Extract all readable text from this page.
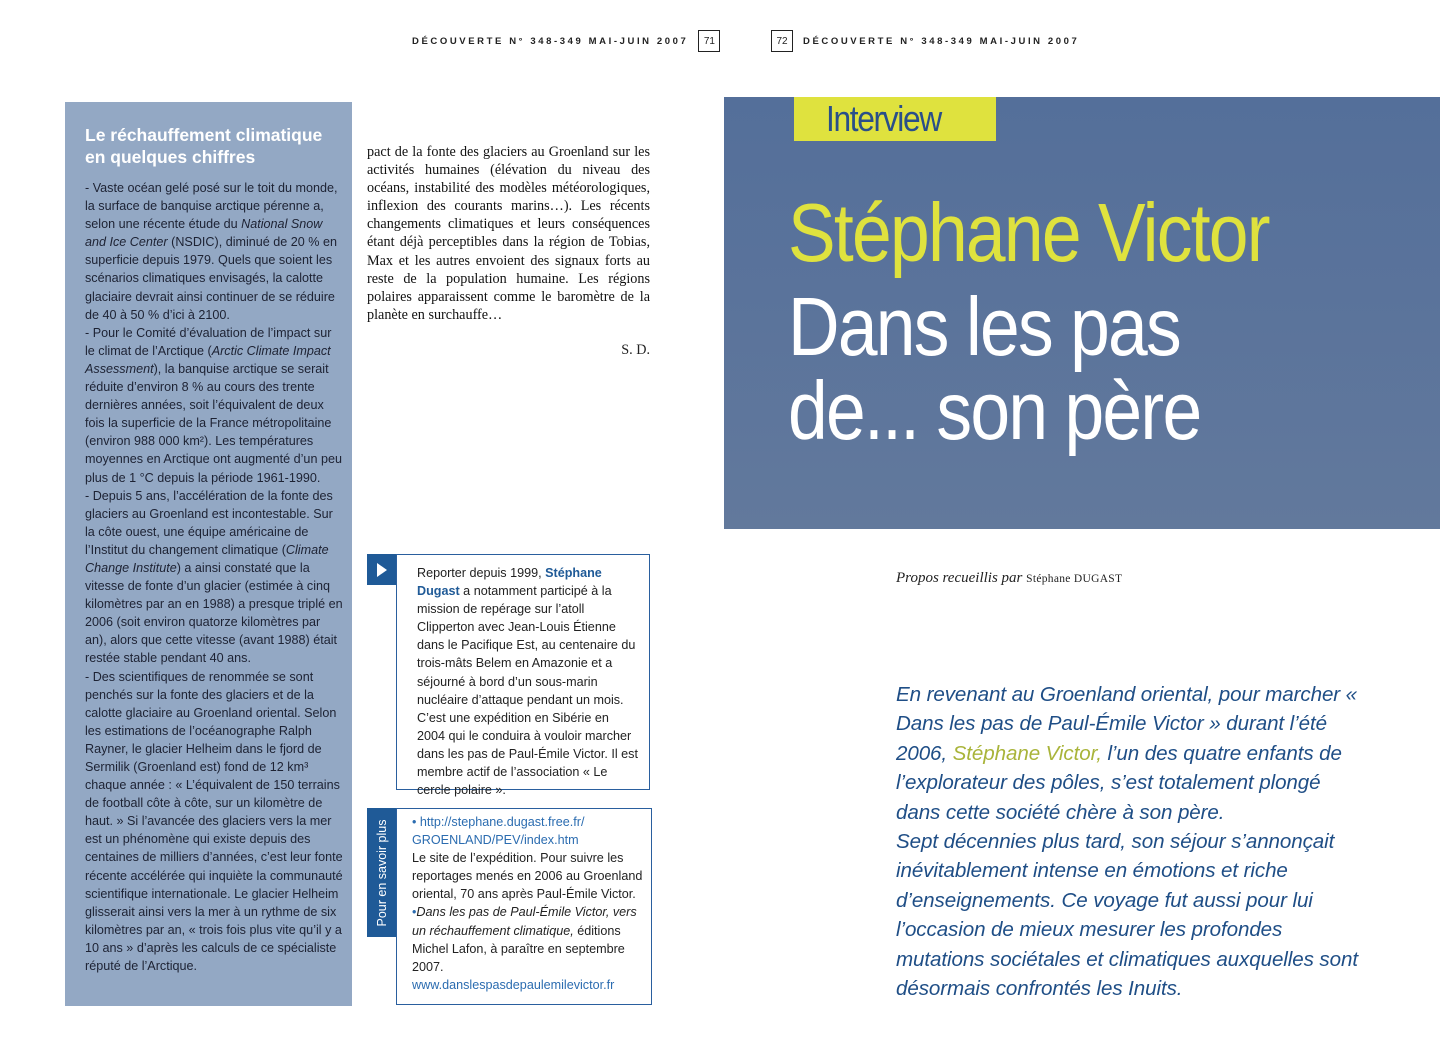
DÉCOUVERTE N° 348-349 MAI-JUIN 2007	71	72	DÉCOUVERTE N° 348-349 MAI-JUIN 2007
Le réchauffement climatique en quelques chiffres

- Vaste océan gelé posé sur le toit du monde, la surface de banquise arctique pérenne a, selon une récente étude du National Snow and Ice Center (NSDIC), diminué de 20 % en superficie depuis 1979. Quels que soient les scénarios climatiques envisagés, la calotte glaciaire devrait ainsi continuer de se réduire de 40 à 50 % d’ici à 2100.

- Pour le Comité d’évaluation de l’impact sur le climat de l’Arctique (Arctic Climate Impact Assessment), la banquise arctique se serait réduite d’environ 8 % au cours des trente dernières années, soit l’équivalent de deux fois la superficie de la France métropolitaine (environ 988 000 km²). Les températures moyennes en Arctique ont augmenté d’un peu plus de 1 °C depuis la période 1961-1990.

- Depuis 5 ans, l’accélération de la fonte des glaciers au Groenland est incontestable. Sur la côte ouest, une équipe américaine de l’Institut du changement climatique (Climate Change Institute) a ainsi constaté que la vitesse de fonte d’un glacier (estimée à cinq kilomètres par an en 1988) a presque triplé en 2006 (soit environ quatorze kilomètres par an), alors que cette vitesse (avant 1988) était restée stable pendant 40 ans.

- Des scientifiques de renommée se sont penchés sur la fonte des glaciers et de la calotte glaciaire au Groenland oriental. Selon les estimations de l’océanographe Ralph Rayner, le glacier Helheim dans le fjord de Sermilik (Groenland est) fond de 12 km³ chaque année : « L’équivalent de 150 terrains de football côte à côte, sur un kilomètre de haut. » Si l’avancée des glaciers vers la mer est un phénomène qui existe depuis des centaines de milliers d’années, c’est leur fonte récente accélérée qui inquiète la communauté scientifique internationale. Le glacier Helheim glisserait ainsi vers la mer à un rythme de six kilomètres par an, « trois fois plus vite qu’il y a 10 ans » d’après les calculs de ce spécialiste réputé de l’Arctique.

pact de la fonte des glaciers au Groenland sur les activités humaines (élévation du niveau des océans, instabilité des modèles météorologiques, inflexion des courants marins…). Les récents changements climatiques et leurs conséquences étant déjà perceptibles dans la région de Tobias, Max et les autres envoient des signaux forts au reste de la population humaine. Les régions polaires apparaissent comme le baromètre de la planète en surchauffe…

S. D.
Reporter depuis 1999, Stéphane Dugast a notamment participé à la mission de repérage sur l’atoll Clipperton avec Jean-Louis Étienne dans le Pacifique Est, au centenaire du trois-mâts Belem en Amazonie et a séjourné à bord d’un sous-marin nucléaire d’attaque pendant un mois. C’est une expédition en Sibérie en 2004 qui le conduira à vouloir marcher dans les pas de Paul-Émile Victor. Il est membre actif de l’association « Le cercle polaire ».
Pour en savoir plus • http://stephane.dugast.free.fr/ GROENLAND/PEV/index.htm
Le site de l’expédition. Pour suivre les reportages menés en 2006 au Groenland oriental, 70 ans après Paul-Émile Victor.
•Dans les pas de Paul-Émile Victor, vers un réchauffement climatique, éditions Michel Lafon, à paraître en septembre 2007.
www.danslespasdepaulemilevictor.fr
Interview
Stéphane Victor
Dans les pas
de... son père
Propos recueillis par Stéphane DUGAST
En revenant au Groenland oriental, pour marcher « Dans les pas de Paul-Émile Victor » durant l’été 2006, Stéphane Victor, l’un des quatre enfants de l’explorateur des pôles, s’est totalement plongé dans cette société chère à son père.
Sept décennies plus tard, son séjour s’annonçait inévitablement intense en émotions et riche d’enseignements. Ce voyage fut aussi pour lui l’occasion de mieux mesurer les profondes mutations sociétales et climatiques auxquelles sont désormais confrontés les Inuits.
